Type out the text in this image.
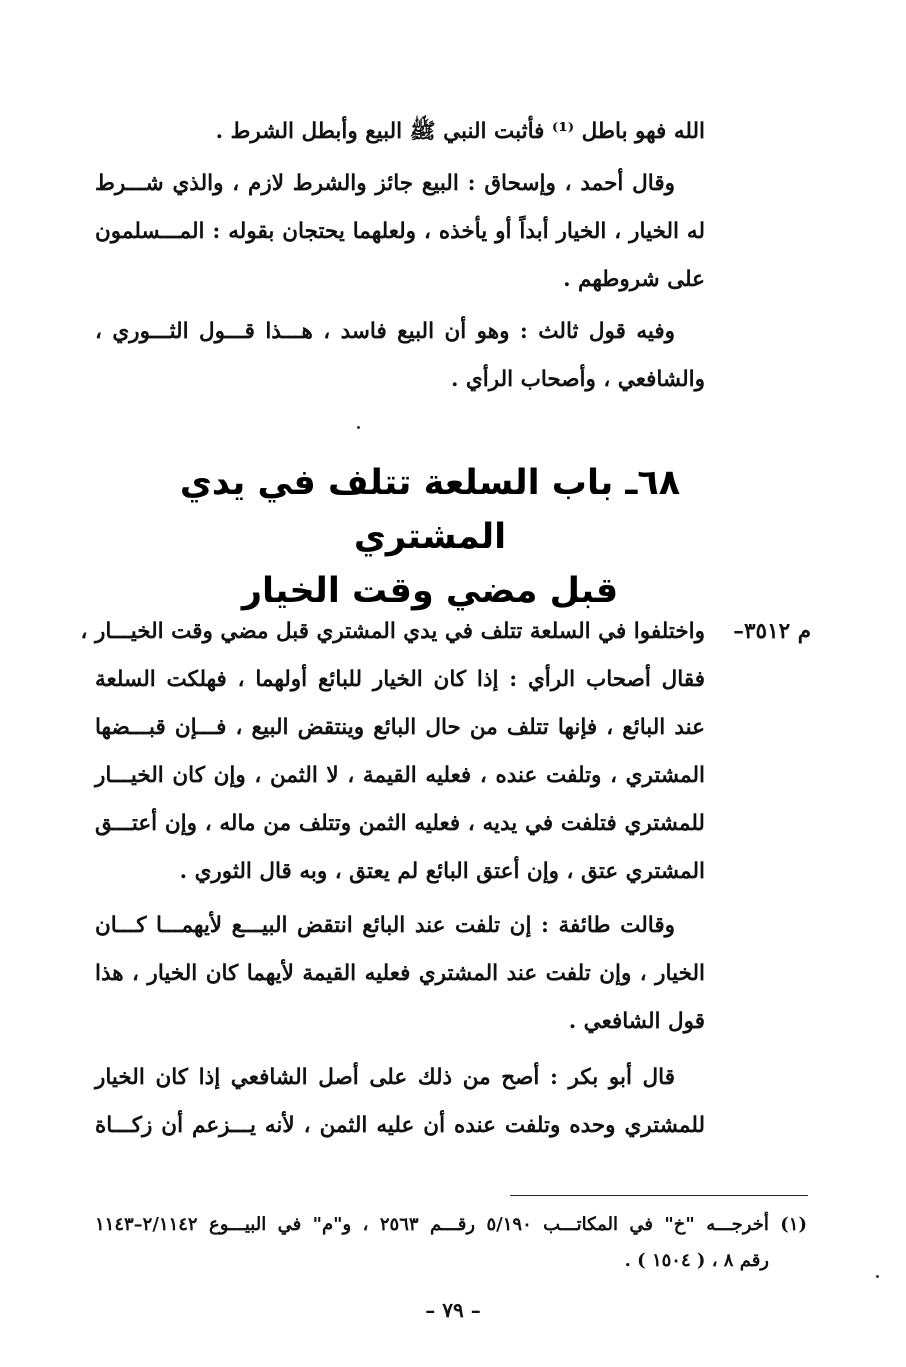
الله فهو باطل ⁽¹⁾ فأثبت النبي ﷺ البيع وأبطل الشرط .
وقال أحمد ، وإسحاق : البيع جائز والشرط لازم ، والذي شـــرط
له الخيار ، الخيار أبداً أو يأخذه ، ولعلهما يحتجان بقوله : المـــسلمون
على شروطهم .
وفيه قول ثالث : وهو أن البيع فاسد ، هـــذا قـــول الثـــوري ،
والشافعي ، وأصحاب الرأي .
٦٨ـ باب السلعة تتلف في يدي المشتري
قبل مضي وقت الخيار
م ٣٥١٢–
واختلفوا في السلعة تتلف في يدي المشتري قبل مضي وقت الخيـــار ،
فقال أصحاب الرأي : إذا كان الخيار للبائع أولهما ، فهلكت السلعة
عند البائع ، فإنها تتلف من حال البائع وينتقض البيع ، فـــإن قبـــضها
المشتري ، وتلفت عنده ، فعليه القيمة ، لا الثمن ، وإن كان الخيـــار
للمشتري فتلفت في يديه ، فعليه الثمن وتتلف من ماله ، وإن أعتـــق
المشتري عتق ، وإن أعتق البائع لم يعتق ، وبه قال الثوري .
وقالت طائفة : إن تلفت عند البائع انتقض البيـــع لأيهمـــا كـــان
الخيار ، وإن تلفت عند المشتري فعليه القيمة لأيهما كان الخيار ، هذا
قول الشافعي .
قال أبو بكر : أصح من ذلك على أصل الشافعي إذا كان الخيار
للمشتري وحده وتلفت عنده أن عليه الثمن ، لأنه يـــزعم أن زكـــاة
(١) أخرجـــه "خ" في المكاتـــب ٥/١٩٠ رقـــم ٢٥٦٣ ، و"م" في البيـــوع ٢/١١٤٢–١١٤٣
رقم ٨ ، ( ١٥٠٤ ) .
– ٧٩ –
